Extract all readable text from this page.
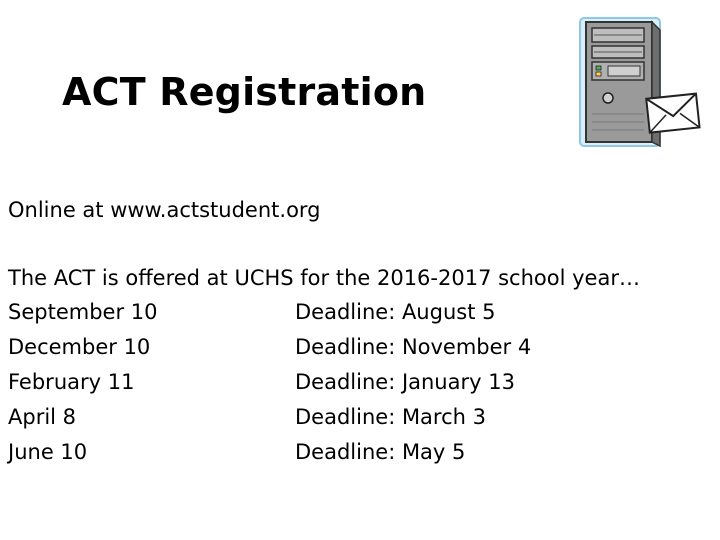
ACT Registration
Online at www.actstudent.org
The ACT is offered at UCHS for the 2016-2017 school year…
September 10	Deadline: August 5
December 10	Deadline: November 4
February 11	Deadline: January 13
April 8	Deadline: March 3
June 10	Deadline: May 5
